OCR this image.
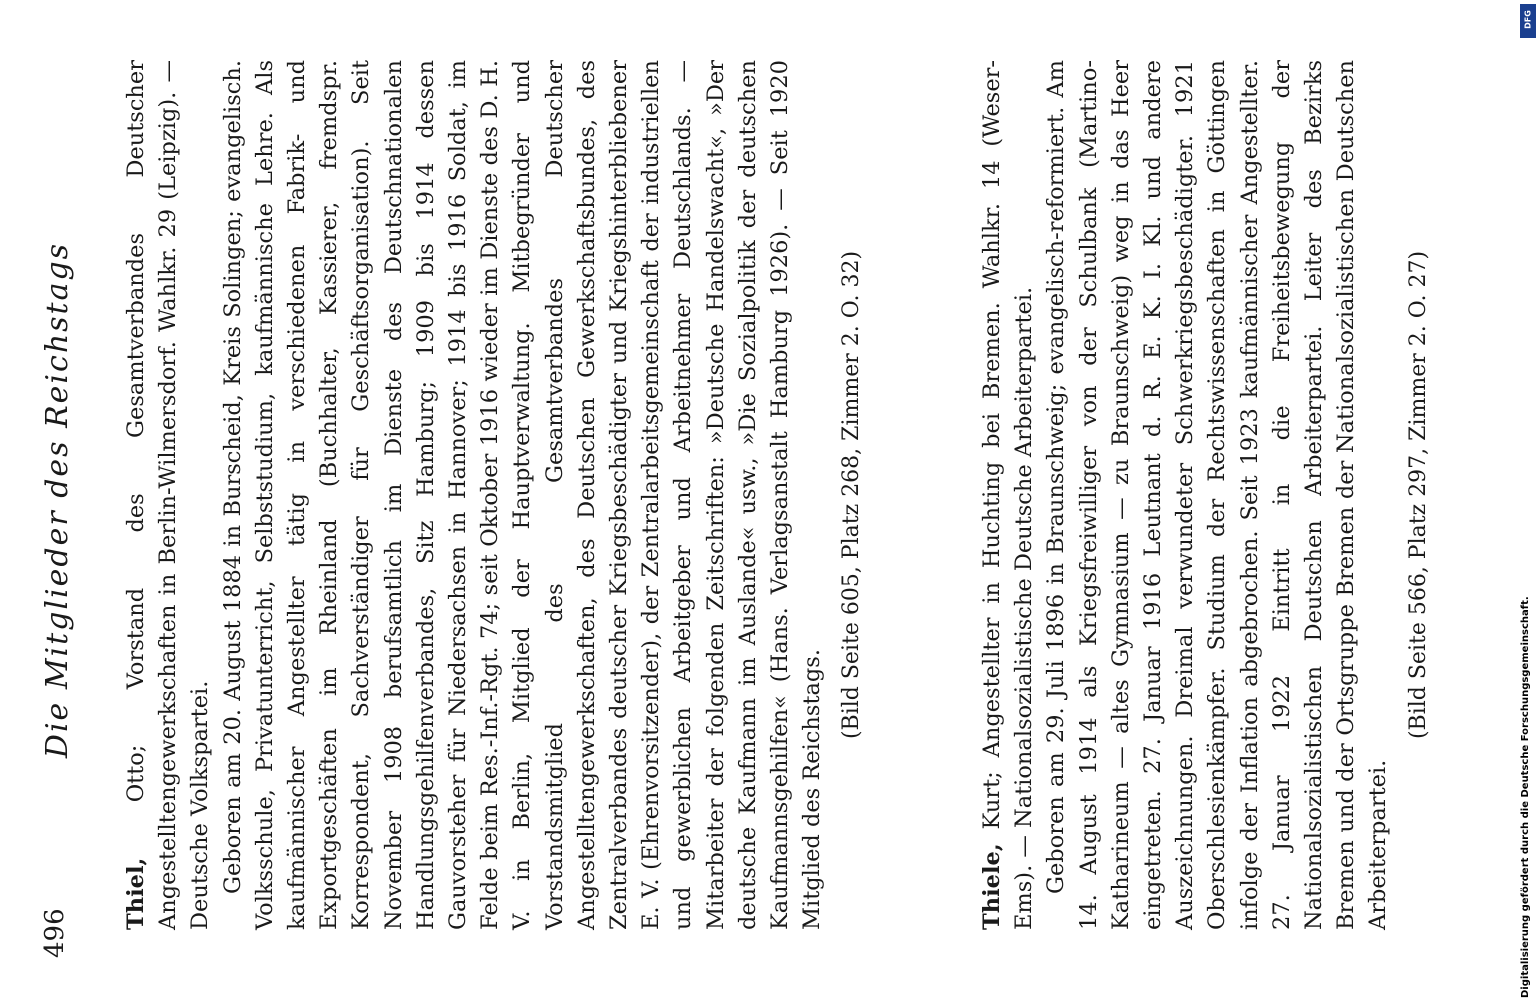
496
Die Mitglieder des Reichstags

Thiel, Otto; Vorstand des Gesamtverbandes Deutscher Angestelltengewerkschaften in Berlin-Wilmersdorf. Wahlkr. 29 (Leipzig). — Deutsche Volkspartei. Geboren am 20. August 1884 in Burscheid, Kreis Solingen; evangelisch. Volksschule, Privatunterricht, Selbststudium, kaufmännische Lehre. Als kaufmännischer Angestellter tätig in verschiedenen Fabrik- und Exportgeschäften im Rheinland (Buchhalter, Kassierer, fremdspr. Korrespondent, Sachverständiger für Geschäftsorganisation). Seit November 1908 berufsamtlich im Dienste des Deutschnationalen Handlungsgehilfenverbandes, Sitz Hamburg; 1909 bis 1914 dessen Gauvorsteher für Niedersachsen in Hannover; 1914 bis 1916 Soldat, im Felde beim Res.-Inf.-Rgt. 74; seit Oktober 1916 wieder im Dienste des D. H. V. in Berlin, Mitglied der Hauptverwaltung. Mitbegründer und Vorstandsmitglied des Gesamtverbandes Deutscher Angestelltengewerkschaften, des Deutschen Gewerkschaftsbundes, des Zentralverbandes deutscher Kriegsbeschädigter und Kriegshinterbliebener E. V. (Ehrenvorsitzender), der Zentralarbeitsgemeinschaft der industriellen und gewerblichen Arbeitgeber und Arbeitnehmer Deutschlands. — Mitarbeiter der folgenden Zeitschriften: »Deutsche Handelswacht«, »Der deutsche Kaufmann im Auslande« usw., »Die Sozialpolitik der deutschen Kaufmannsgehilfen« (Hans. Verlagsanstalt Hamburg 1926). — Seit 1920 Mitglied des Reichstags.

(Bild Seite 605, Platz 268, Zimmer 2. O. 32)

Thiele, Kurt; Angestellter in Huchting bei Bremen. Wahlkr. 14 (Weser-Ems). — Nationalsozialistische Deutsche Arbeiterpartei. Geboren am 29. Juli 1896 in Braunschweig; evangelisch-reformiert. Am 14. August 1914 als Kriegsfreiwilliger von der Schulbank (Martino-Katharineum — altes Gymnasium — zu Braunschweig) weg in das Heer eingetreten. 27. Januar 1916 Leutnant d. R. E. K. I. Kl. und andere Auszeichnungen. Dreimal verwundeter Schwerkriegsbeschädigter. 1921 Oberschlesienkämpfer. Studium der Rechtswissenschaften in Göttingen infolge der Inflation abgebrochen. Seit 1923 kaufmännischer Angestellter. 27. Januar 1922 Eintritt in die Freiheitsbewegung der Nationalsozialistischen Deutschen Arbeiterpartei. Leiter des Bezirks Bremen und der Ortsgruppe Bremen der Nationalsozialistischen Deutschen Arbeiterpartei.

(Bild Seite 566, Platz 297, Zimmer 2. O. 27)

DFG
Digitalisierung gefördert durch die Deutsche Forschungsgemeinschaft.
